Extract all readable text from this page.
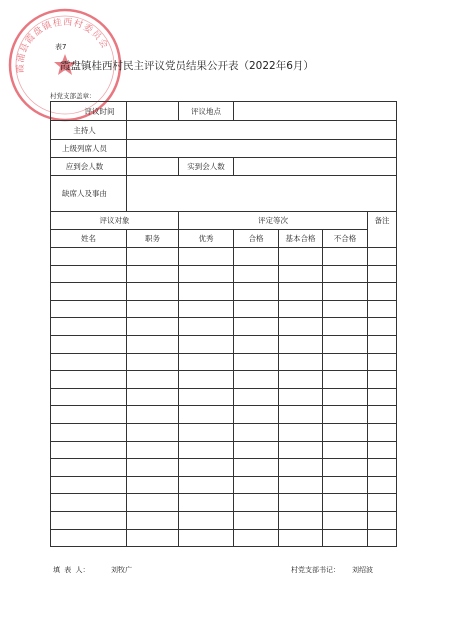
霞浦县霞盘镇桂西村委员会
表7
霞盘镇桂西村民主评议党员结果公开表（2022年6月）
村党支部盖章：
评议时间		评议地点				
主持人						
上级列席人员						
应到会人数		实到会人数				
缺席人及事由						
评议对象		评定等次				备注
姓名	职务	优秀	合格	基本合格	不合格	

填 表 人：	刘牧广	村党支部书记： 刘绍波
